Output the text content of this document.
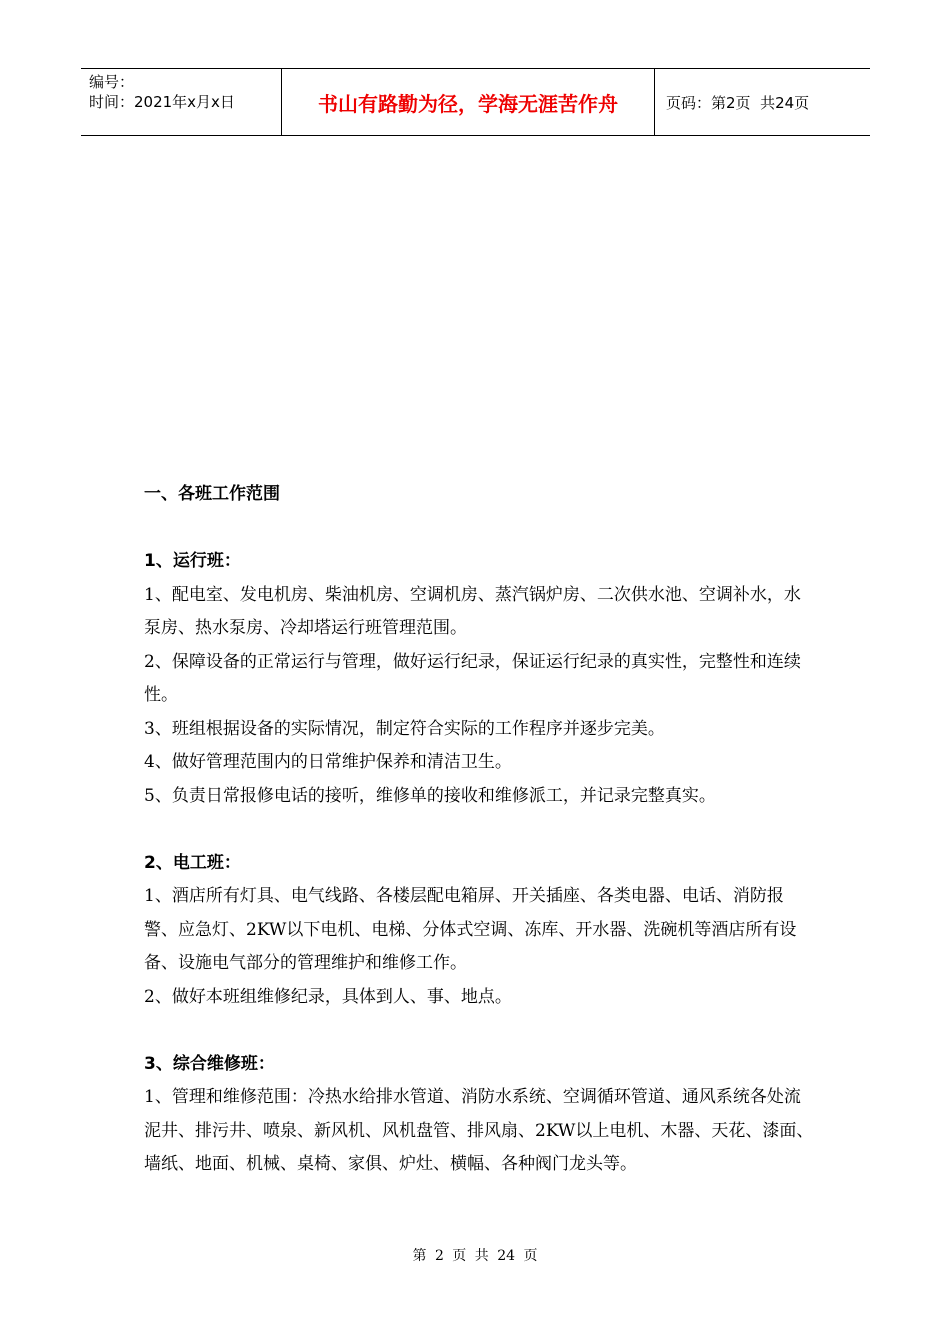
编号：
时间：2021年x月x日	书山有路勤为径，学海无涯苦作舟	页码：第2页  共24页

一、各班工作范围

1、运行班：

1、配电室、发电机房、柴油机房、空调机房、蒸汽锅炉房、二次供水池、空调补水，水泵房、热水泵房、冷却塔运行班管理范围。

2、保障设备的正常运行与管理，做好运行纪录，保证运行纪录的真实性，完整性和连续性。

3、班组根据设备的实际情况，制定符合实际的工作程序并逐步完美。

4、做好管理范围内的日常维护保养和清洁卫生。

5、负责日常报修电话的接听，维修单的接收和维修派工，并记录完整真实。

2、电工班：

1、酒店所有灯具、电气线路、各楼层配电箱屏、开关插座、各类电器、电话、消防报警、应急灯、2KW以下电机、电梯、分体式空调、冻库、开水器、洗碗机等酒店所有设备、设施电气部分的管理维护和维修工作。

2、做好本班组维修纪录，具体到人、事、地点。

3、综合维修班：

1、管理和维修范围：冷热水给排水管道、消防水系统、空调循环管道、通风系统各处流泥井、排污井、喷泉、新风机、风机盘管、排风扇、2KW以上电机、木器、天花、漆面、墙纸、地面、机械、桌椅、家俱、炉灶、横幅、各种阀门龙头等。

第 2 页 共 24 页
